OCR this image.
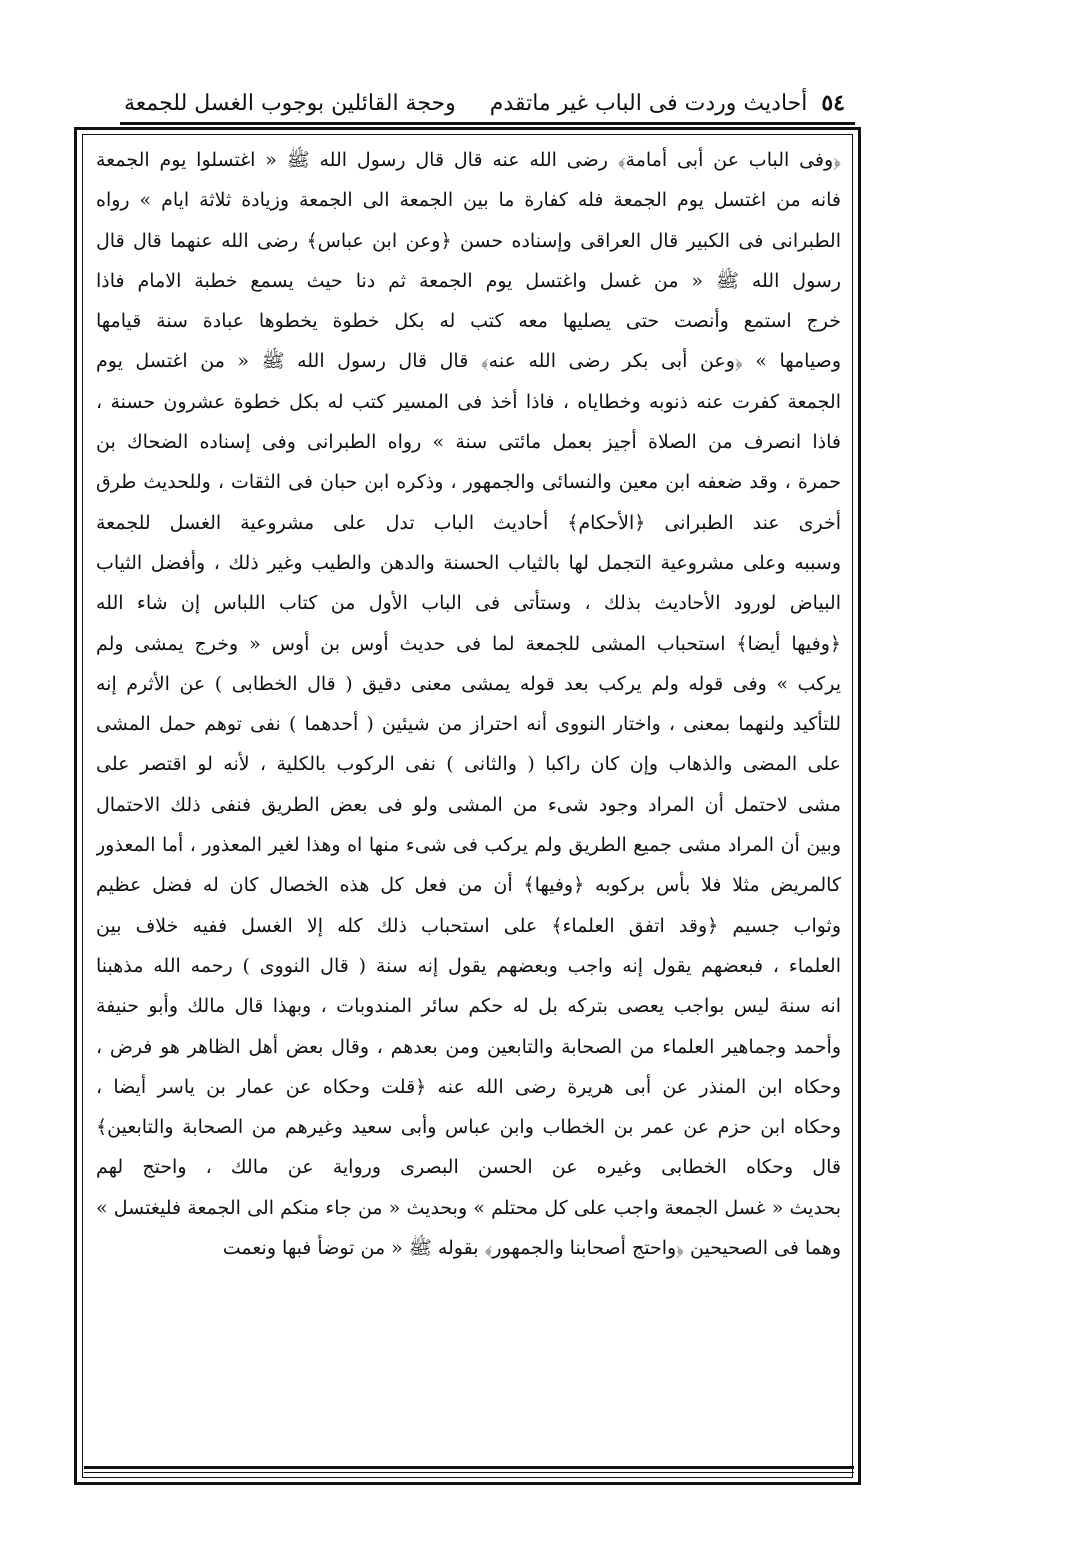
٥٤
أحاديث وردت فى الباب غير ماتقدم
وحجة القائلين بوجوب الغسل للجمعة
﴿وفى الباب عن أبى أمامة﴾ رضى الله عنه قال قال رسول الله ﷺ « اغتسلوا يوم الجمعة
فانه من اغتسل يوم الجمعة فله كفارة ما بين الجمعة الى الجمعة وزيادة ثلاثة ايام » رواه
الطبرانى فى الكبير قال العراقى وإسناده حسن ﴿وعن ابن عباس﴾ رضى الله عنهما قال قال
رسول الله ﷺ « من غسل واغتسل يوم الجمعة ثم دنا حيث يسمع خطبة الامام فاذا
خرج استمع وأنصت حتى يصليها معه كتب له بكل خطوة يخطوها عبادة سنة قيامها
وصيامها » ﴿وعن أبى بكر رضى الله عنه﴾ قال قال رسول الله ﷺ « من اغتسل يوم
الجمعة كفرت عنه ذنوبه وخطاياه ، فاذا أخذ فى المسير كتب له بكل خطوة عشرون حسنة ،
فاذا انصرف من الصلاة أجيز بعمل مائتى سنة » رواه الطبرانى وفى إسناده الضحاك بن
حمرة ، وقد ضعفه ابن معين والنسائى والجمهور ، وذكره ابن حبان فى الثقات ، وللحديث طرق
أخرى عند الطبرانى ﴿الأحكام﴾ أحاديث الباب تدل على مشروعية الغسل للجمعة
وسببه وعلى مشروعية التجمل لها بالثياب الحسنة والدهن والطيب وغير ذلك ، وأفضل الثياب
البياض لورود الأحاديث بذلك ، وستأتى فى الباب الأول من كتاب اللباس إن شاء الله
﴿وفيها أيضا﴾ استحباب المشى للجمعة لما فى حديث أوس بن أوس « وخرج يمشى ولم
يركب » وفى قوله ولم يركب بعد قوله يمشى معنى دقيق ( قال الخطابى ) عن الأثرم إنه
للتأكيد ولنهما بمعنى ، واختار النووى أنه احتراز من شيئين ( أحدهما ) نفى توهم حمل المشى
على المضى والذهاب وإن كان راكبا ( والثانى ) نفى الركوب بالكلية ، لأنه لو اقتصر على
مشى لاحتمل أن المراد وجود شىء من المشى ولو فى بعض الطريق فنفى ذلك الاحتمال
وبين أن المراد مشى جميع الطريق ولم يركب فى شىء منها اه وهذا لغير المعذور ، أما المعذور
كالمريض مثلا فلا بأس بركوبه ﴿وفيها﴾ أن من فعل كل هذه الخصال كان له فضل عظيم
وثواب جسيم ﴿وقد اتفق العلماء﴾ على استحباب ذلك كله إلا الغسل ففيه خلاف بين
العلماء ، فبعضهم يقول إنه واجب وبعضهم يقول إنه سنة ( قال النووى ) رحمه الله مذهبنا
انه سنة ليس بواجب يعصى بتركه بل له حكم سائر المندوبات ، وبهذا قال مالك وأبو حنيفة
وأحمد وجماهير العلماء من الصحابة والتابعين ومن بعدهم ، وقال بعض أهل الظاهر هو فرض ،
وحكاه ابن المنذر عن أبى هريرة رضى الله عنه ﴿قلت وحكاه عن عمار بن ياسر أيضا ،
وحكاه ابن حزم عن عمر بن الخطاب وابن عباس وأبى سعيد وغيرهم من الصحابة والتابعين﴾
قال وحكاه الخطابى وغيره عن الحسن البصرى ورواية عن مالك ، واحتج لهم
بحديث « غسل الجمعة واجب على كل محتلم » وبحديث « من جاء منكم الى الجمعة فليغتسل »
وهما فى الصحيحين ﴿واحتج أصحابنا والجمهور﴾ بقوله ﷺ « من توضأ فبها ونعمت
